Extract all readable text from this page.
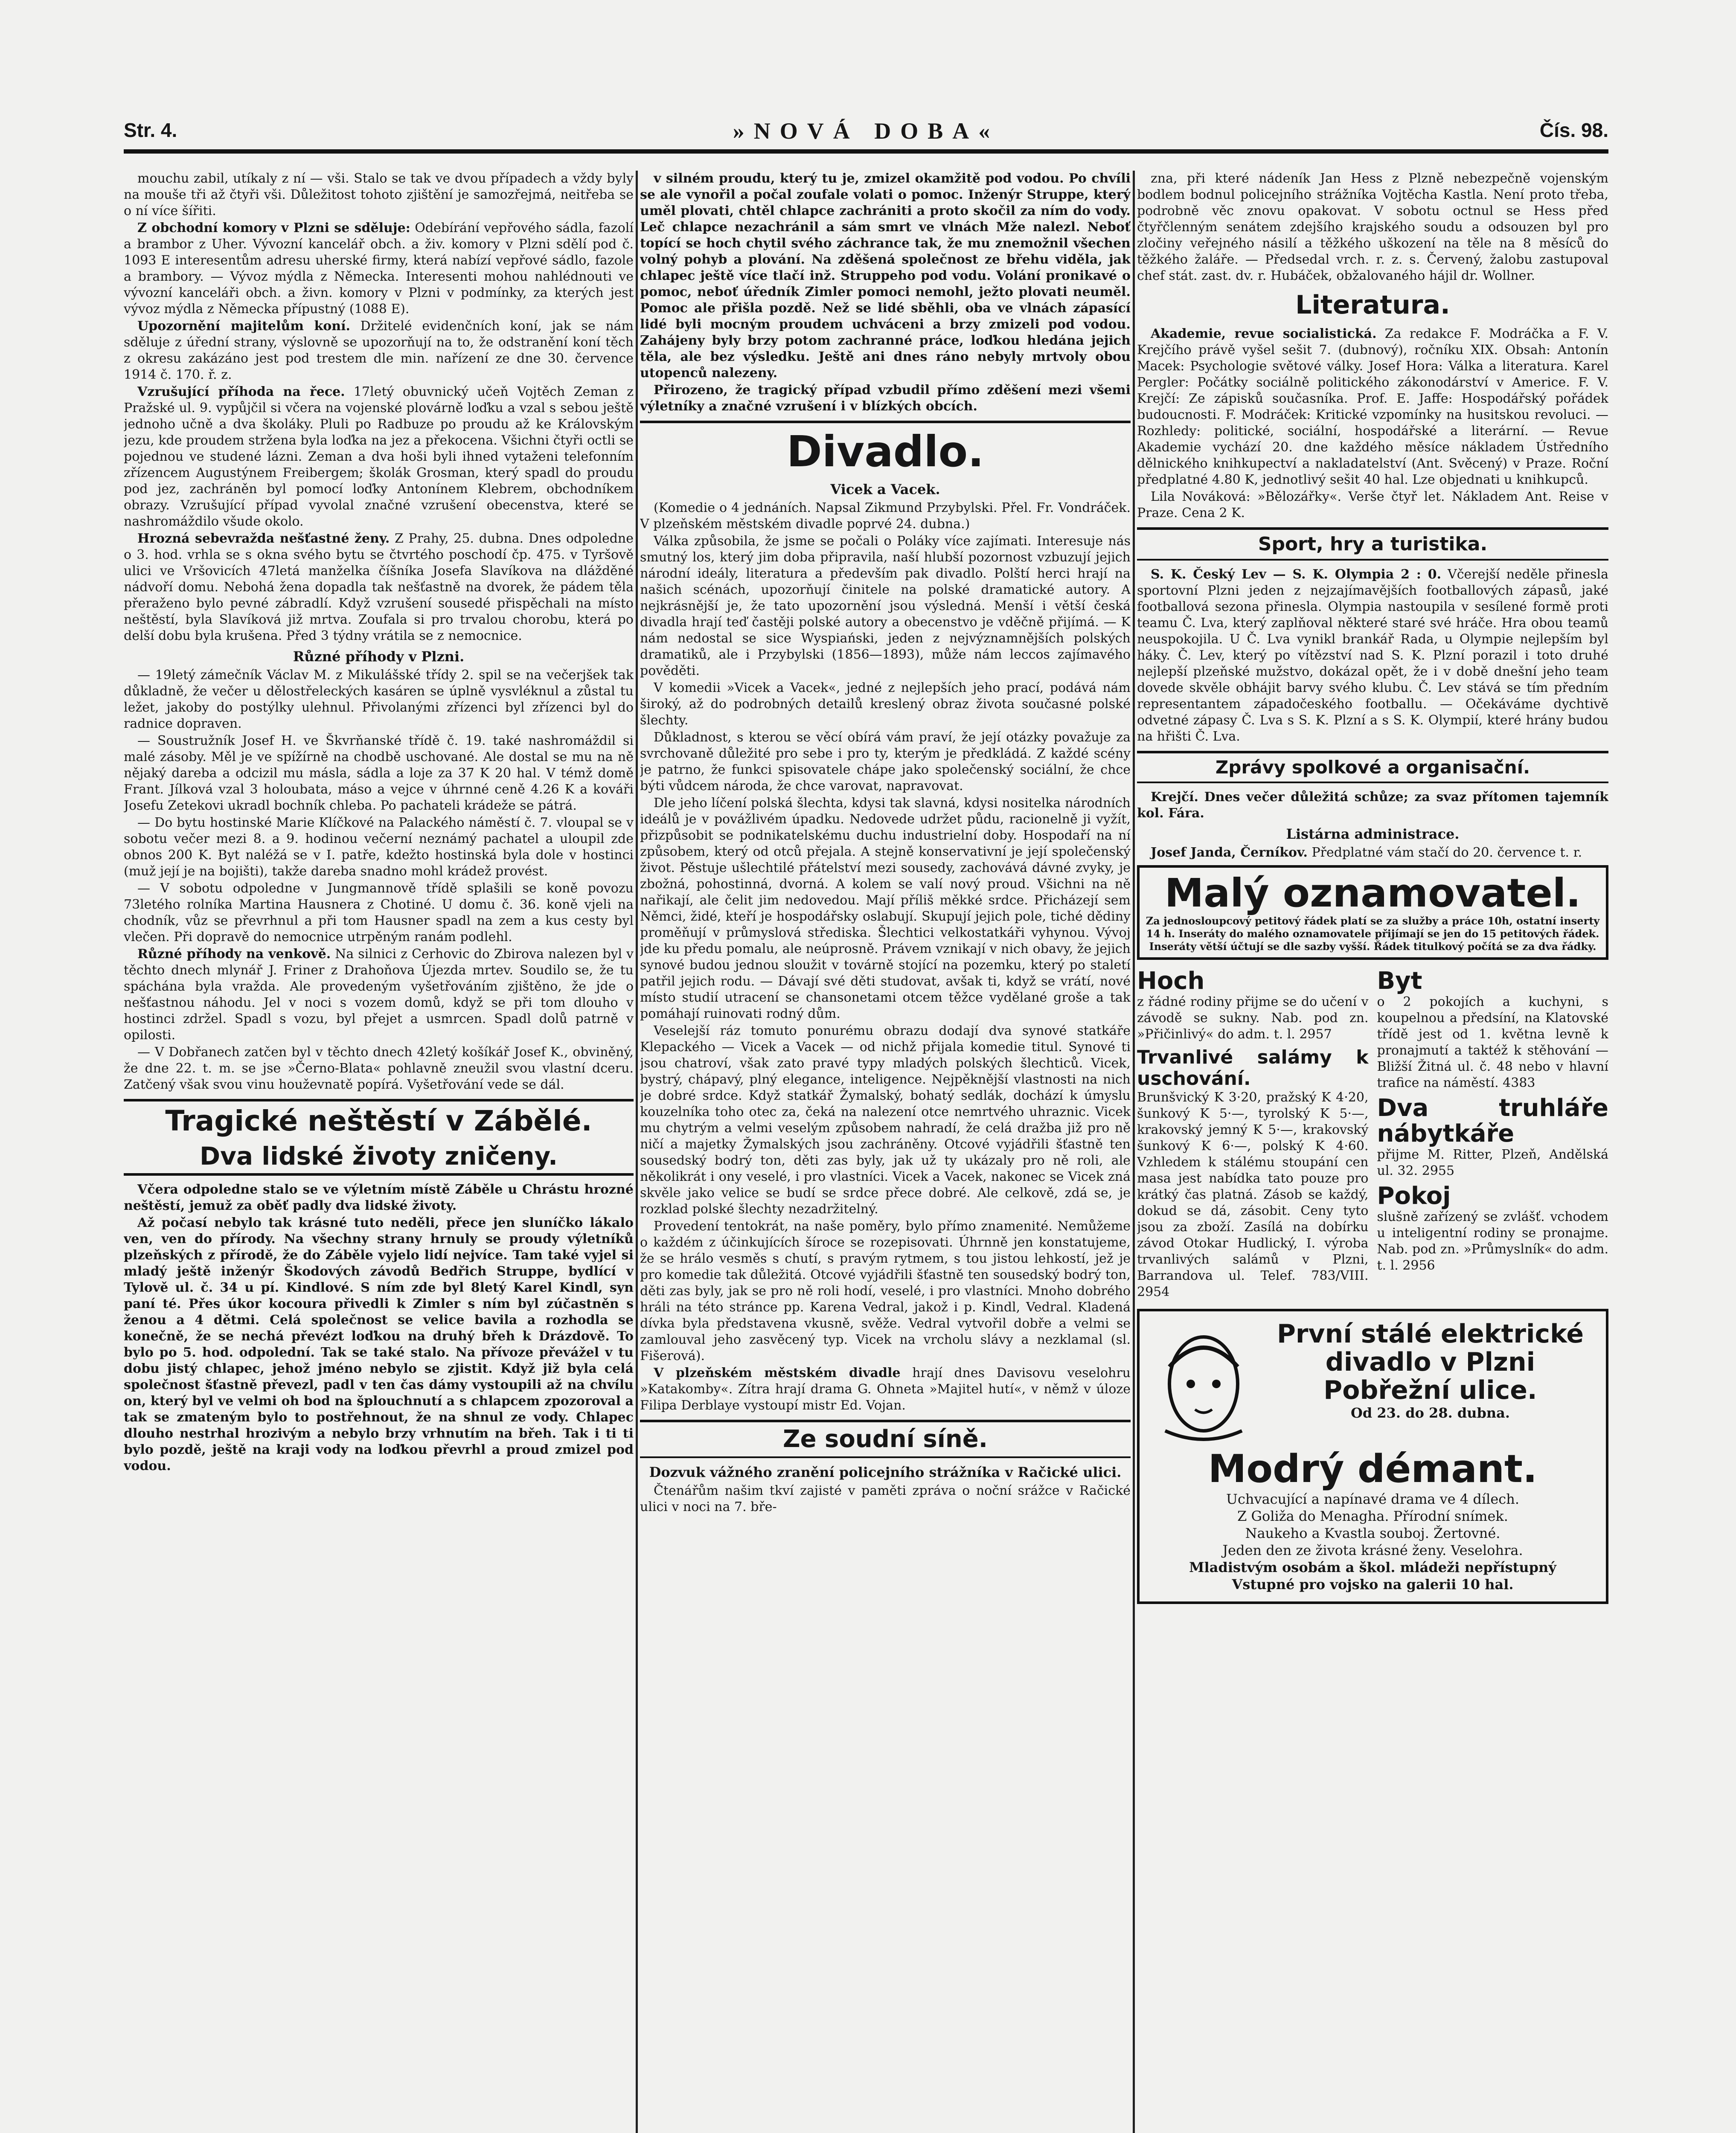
Str. 4.	»NOVÁ DOBA«	Čís. 98.

mouchu zabil, utíkaly z ní — vši. Stalo se tak ve dvou případech a vždy byly na mouše tři až čtyři vši. Důležitost tohoto zjištění je samozřejmá, neitřeba se o ní více šířiti.

Z obchodní komory v Plzni se sděluje: Odebírání vepřového sádla, fazolí a brambor z Uher. Vývozní kancelář obch. a živ. komory v Plzni sdělí pod č. 1093 E interesentům adresu uherské firmy, která nabízí vepřové sádlo, fazole a brambory. — Vývoz mýdla z Německa. Interesenti mohou nahlédnouti ve vývozní kanceláři obch. a živn. komory v Plzni v podmínky, za kterých jest vývoz mýdla z Německa přípustný (1088 E).

Upozornění majitelům koní. Držitelé evidenčních koní, jak se nám sděluje z úřední strany, výslovně se upozorňují na to, že odstranění koní těch z okresu zakázáno jest pod trestem dle min. nařízení ze dne 30. července 1914 č. 170. ř. z.

Vzrušující příhoda na řece. 17letý obuvnický učeň Vojtěch Zeman z Pražské ul. 9. vypůjčil si včera na vojenské plovárně loďku a vzal s sebou ještě jednoho učně a dva školáky. Pluli po Radbuze po proudu až ke Královským jezu, kde proudem stržena byla loďka na jez a překocena. Všichni čtyři octli se pojednou ve studené lázni. Zeman a dva hoši byli ihned vytaženi telefonním zřízencem Augustýnem Freibergem; školák Grosman, který spadl do proudu pod jez, zachráněn byl pomocí loďky Antonínem Klebrem, obchodníkem obrazy. Vzrušující případ vyvolal značné vzrušení obecenstva, které se nashromáždilo všude okolo.

Hrozná sebevražda nešťastné ženy. Z Prahy, 25. dubna. Dnes odpoledne o 3. hod. vrhla se s okna svého bytu se čtvrtého poschodí čp. 475. v Tyršově ulici ve Vršovicích 47letá manželka číšníka Josefa Slavíkova na dlážděné nádvoří domu. Nebohá žena dopadla tak nešťastně na dvorek, že pádem těla přeraženo bylo pevné zábradlí. Když vzrušení sousedé přispěchali na místo neštěstí, byla Slavíková již mrtva. Zoufala si pro trvalou chorobu, která po delší dobu byla krušena. Před 3 týdny vrátila se z nemocnice.

Různé příhody v Plzni.

— 19letý zámečník Václav M. z Mikulášské třídy 2. spil se na večerjšek tak důkladně, že večer u dělostřeleckých kasáren se úplně vysvléknul a zůstal tu ležet, jakoby do postýlky ulehnul. Přivolanými zřízenci byl zřízenci byl do radnice dopraven.

— Soustružník Josef H. ve Škvrňanské třídě č. 19. také nashromáždil si malé zásoby. Měl je ve spížírně na chodbě uschované. Ale dostal se mu na ně nějaký dareba a odcizil mu másla, sádla a loje za 37 K 20 hal. V témž domě Frant. Jílková vzal 3 holoubata, máso a vejce v úhrnné ceně 4.26 K a kováři Josefu Zetekovi ukradl bochník chleba. Po pachateli krádeže se pátrá.

— Do bytu hostinské Marie Klíčkové na Palackého náměstí č. 7. vloupal se v sobotu večer mezi 8. a 9. hodinou večerní neznámý pachatel a uloupil zde obnos 200 K. Byt naléžá se v I. patře, kdežto hostinská byla dole v hostinci (muž její je na bojišti), takže dareba snadno mohl krádež provést.

— V sobotu odpoledne v Jungmannově třídě splašili se koně povozu 73letého rolníka Martina Hausnera z Chotiné. U domu č. 36. koně vjeli na chodník, vůz se převrhnul a při tom Hausner spadl na zem a kus cesty byl vlečen. Při dopravě do nemocnice utrpěným ranám podlehl.

Různé příhody na venkově. Na silnici z Cerhovic do Zbirova nalezen byl v těchto dnech mlynář J. Friner z Drahoňova Újezda mrtev. Soudilo se, že tu spáchána byla vražda. Ale provedeným vyšetřováním zjištěno, že jde o nešťastnou náhodu. Jel v noci s vozem domů, když se při tom dlouho v hostinci zdržel. Spadl s vozu, byl přejet a usmrcen. Spadl dolů patrně v opilosti.

— V Dobřanech zatčen byl v těchto dnech 42letý košíkář Josef K., obviněný, že dne 22. t. m. se jse »Černo-Blata« pohlavně zneužil svou vlastní dceru. Zatčený však svou vinu houževnatě popírá. Vyšetřování vede se dál.

Tragické neštěstí v Zábělé.
Dva lidské životy zničeny.

Včera odpoledne stalo se ve výletním místě Záběle u Chrástu hrozné neštěstí, jemuž za oběť padly dva lidské životy.

Až počasí nebylo tak krásné tuto neděli, přece jen sluníčko lákalo ven, ven do přírody. Na všechny strany hrnuly se proudy výletníků plzeňských z přírodě, že do Záběle vyjelo lidí nejvíce. Tam také vyjel si mladý ještě inženýr Škodových závodů Bedřich Struppe, bydlící v Tylově ul. č. 34 u pí. Kindlové. S ním zde byl 8letý Karel Kindl, syn paní té. Přes úkor kocoura přivedli k Zimler s ním byl zúčastněn s ženou a 4 dětmi. Celá společnost se velice bavila a rozhodla se konečně, že se nechá převézt loďkou na druhý břeh k Drázdově. To bylo po 5. hod. odpolední. Tak se také stalo. Na přívoze převážel v tu dobu jistý chlapec, jehož jméno nebylo se zjistit. Když již byla celá společnost šťastně převezl, padl v ten čas dámy vystoupili až na chvílu on, který byl ve velmi oh bod na šplouchnutí a s chlapcem zpozoroval a tak se zmateným bylo to postřehnout, že na shnul ze vody. Chlapec dlouho nestrhal hrozivým a nebylo brzy vrhnutím na břeh. Tak i ti ti bylo pozdě, ještě na kraji vody na loďkou převrhl a proud zmizel pod vodou.

v silném proudu, který tu je, zmizel okamžitě pod vodou. Po chvíli se ale vynořil a počal zoufale volati o pomoc. Inženýr Struppe, který uměl plovati, chtěl chlapce zachrániti a proto skočil za ním do vody. Leč chlapce nezachránil a sám smrt ve vlnách Mže nalezl. Neboť topící se hoch chytil svého záchrance tak, že mu znemožnil všechen volný pohyb a plování. Na zděšená společnost ze břehu viděla, jak chlapec ještě více tlačí inž. Struppeho pod vodu. Volání pronikavé o pomoc, neboť úředník Zimler pomoci nemohl, ježto plovati neuměl. Pomoc ale přišla pozdě. Než se lidé sběhli, oba ve vlnách zápasící lidé byli mocným proudem uchváceni a brzy zmizeli pod vodou. Zahájeny byly brzy potom zachranné práce, loďkou hledána jejich těla, ale bez výsledku. Ještě ani dnes ráno nebyly mrtvoly obou utopenců nalezeny.

Přirozeno, že tragický případ vzbudil přímo zděšení mezi všemi výletníky a značné vzrušení i v blízkých obcích.

Divadlo.
Vicek a Vacek.

(Komedie o 4 jednáních. Napsal Zikmund Przybylski. Přel. Fr. Vondráček. V plzeňském městském divadle poprvé 24. dubna.)

Válka způsobila, že jsme se počali o Poláky více zajímati. Interesuje nás smutný los, který jim doba připravila, naší hlubší pozornost vzbuzují jejich národní ideály, literatura a především pak divadlo. Polští herci hrají na našich scénách, upozorňují činitele na polské dramatické autory. A nejkrásnější je, že tato upozornění jsou výsledná. Menší i větší česká divadla hrají teď častěji polské autory a obecenstvo je vděčně přijímá. — K nám nedostal se sice Wyspiański, jeden z nejvýznamnějších polských dramatiků, ale i Przybylski (1856—1893), může nám leccos zajímavého pověděti.

V komedii »Vicek a Vacek«, jedné z nejlepších jeho prací, podává nám široký, až do podrobných detailů kreslený obraz života současné polské šlechty.

Důkladnost, s kterou se věcí obírá vám praví, že její otázky považuje za svrchovaně důležité pro sebe i pro ty, kterým je předkládá. Z každé scény je patrno, že funkci spisovatele chápe jako společenský sociální, že chce býti vůdcem národa, že chce varovat, napravovat.

Dle jeho líčení polská šlechta, kdysi tak slavná, kdysi nositelka národních ideálů je v povážlivém úpadku. Nedovede udržet půdu, racionelně ji vyžít, přizpůsobit se podnikatelskému duchu industrielní doby. Hospodaří na ní způsobem, který od otců přejala. A stejně konservativní je její společenský život. Pěstuje ušlechtilé přátelství mezi sousedy, zachovává dávné zvyky, je zbožná, pohostinná, dvorná. A kolem se valí nový proud. Všichni na ně nařikají, ale čelit jim nedovedou. Mají příliš měkké srdce. Přicházejí sem Němci, židé, kteří je hospodářsky oslabují. Skupují jejich pole, tiché dědiny proměňují v průmyslová střediska. Šlechtici velkostatkáři vyhynou. Vývoj jde ku předu pomalu, ale neúprosně. Právem vznikají v nich obavy, že jejich synové budou jednou sloužit v továrně stojící na pozemku, který po staletí patřil jejich rodu. — Dávají své děti studovat, avšak ti, když se vrátí, nové místo studií utracení se chansonetami otcem těžce vydělané groše a tak pomáhají ruinovati rodný dům.

Veselejší ráz tomuto ponurému obrazu dodají dva synové statkáře Klepackého — Vicek a Vacek — od nichž přijala komedie titul. Synové ti jsou chatroví, však zato pravé typy mladých polských šlechticů. Vicek, bystrý, chápavý, plný elegance, inteligence. Nejpěknější vlastnosti na nich je dobré srdce. Když statkář Žymalský, bohatý sedlák, dochází k úmyslu kouzelníka toho otec za, čeká na nalezení otce nemrtvého uhraznic. Vicek mu chytrým a velmi veselým způsobem nahradí, že celá dražba již pro ně ničí a majetky Žymalských jsou zachráněny. Otcové vyjádřili šťastně ten sousedský bodrý ton, děti zas byly, jak už ty ukázaly pro ně roli, ale několikrát i ony veselé, i pro vlastníci. Vicek a Vacek, nakonec se Vicek zná skvěle jako velice se budí se srdce přece dobré. Ale celkově, zdá se, je rozklad polské šlechty nezadržitelný.

Provedení tentokrát, na naše poměry, bylo přímo znamenité. Nemůžeme o každém z účinkujících šíroce se rozepisovati. Úhrnně jen konstatujeme, že se hrálo vesměs s chutí, s pravým rytmem, s tou jistou lehkostí, jež je pro komedie tak důležitá. Otcové vyjádřili šťastně ten sousedský bodrý ton, děti zas byly, jak se pro ně roli hodí, veselé, i pro vlastníci. Mnoho dobrého hráli na této stránce pp. Karena Vedral, jakož i p. Kindl, Vedral. Kladená dívka byla představena vkusně, svěže. Vedral vytvořil dobře a velmi se zamlouval jeho zasvěcený typ. Vicek na vrcholu slávy a nezklamal (sl. Fišerová).

V plzeňském městském divadle hrají dnes Davisovu veselohru »Katakomby«. Zítra hrají drama G. Ohneta »Majitel hutí«, v němž v úloze Filipa Derblaye vystoupí mistr Ed. Vojan.

Ze soudní síně.
Dozvuk vážného zranění policejního strážníka v Račické ulici.

Čtenářům našim tkví zajisté v paměti zpráva o noční srážce v Račické ulici v noci na 7. bře-

zna, při které nádeník Jan Hess z Plzně nebezpečně vojenským bodlem bodnul policejního strážníka Vojtěcha Kastla. Není proto třeba, podrobně věc znovu opakovat. V sobotu octnul se Hess před čtyřčlenným senátem zdejšího krajského soudu a odsouzen byl pro zločiny veřejného násilí a těžkého uškození na těle na 8 měsíců do těžkého žaláře. — Předsedal vrch. r. z. s. Červený, žalobu zastupoval chef stát. zast. dv. r. Hubáček, obžalovaného hájil dr. Wollner.

Literatura.

Akademie, revue socialistická. Za redakce F. Modráčka a F. V. Krejčího právě vyšel sešit 7. (dubnový), ročníku XIX. Obsah: Antonín Macek: Psychologie světové války. Josef Hora: Válka a literatura. Karel Pergler: Počátky sociálně politického zákonodárství v Americe. F. V. Krejčí: Ze zápisků současníka. Prof. E. Jaffe: Hospodářský pořádek budoucnosti. F. Modráček: Kritické vzpomínky na husitskou revoluci. — Rozhledy: politické, sociální, hospodářské a literární. — Revue Akademie vychází 20. dne každého měsíce nákladem Ústředního dělnického knihkupectví a nakladatelství (Ant. Svěcený) v Praze. Roční předplatné 4.80 K, jednotlivý sešit 40 hal. Lze objednati u knihkupců.

Lila Nováková: »Bělozářky«. Verše čtyř let. Nákladem Ant. Reise v Praze. Cena 2 K.

Sport, hry a turistika.

S. K. Český Lev — S. K. Olympia 2 : 0. Včerejší neděle přinesla sportovní Plzni jeden z nejzajímavějších footballových zápasů, jaké footballová sezona přinesla. Olympia nastoupila v sesílené formě proti teamu Č. Lva, který zaplňoval některé staré své hráče. Hra obou teamů neuspokojila. U Č. Lva vynikl brankář Rada, u Olympie nejlepším byl háky. Č. Lev, který po vítězství nad S. K. Plzní porazil i toto druhé nejlepší plzeňské mužstvo, dokázal opět, že i v době dnešní jeho team dovede skvěle obhájit barvy svého klubu. Č. Lev stává se tím předním representantem západočeského footballu. — Očekáváme dychtivě odvetné zápasy Č. Lva s S. K. Plzní a s S. K. Olympií, které hrány budou na hřišti Č. Lva.

Zprávy spolkové a organisační.

Krejčí. Dnes večer důležitá schůze; za svaz přítomen tajemník kol. Fára.

Listárna administrace.

Josef Janda, Černíkov. Předplatné vám stačí do 20. července t. r.

Malý oznamovatel.
Za jednosloupcový petitový řádek platí se za služby a práce 10h, ostatní inserty 14 h. Inseráty do malého oznamovatele přijímají se jen do 15 petitových řádek. Inseráty větší účtují se dle sazby vyšší. Řádek titulkový počítá se za dva řádky.
Hoch
z řádné rodiny přijme se do učení v závodě se sukny. Nab. pod zn. »Přičinlivý« do adm. t. l. 2957
Trvanlivé salámy k uschování.
Brunšvický K 3·20, pražský K 4·20, šunkový K 5·—, tyrolský K 5·—, krakovský jemný K 5·—, krakovský šunkový K 6·—, polský K 4·60. Vzhledem k stálému stoupání cen masa jest nabídka tato pouze pro krátký čas platná. Zásob se každý, dokud se dá, zásobit. Ceny tyto jsou za zboží. Zasílá na dobírku závod Otokar Hudlický, I. výroba trvanlivých salámů v Plzni, Barrandova ul. Telef. 783/VIII. 2954
Byt
o 2 pokojích a kuchyni, s koupelnou a předsíní, na Klatovské třídě jest od 1. května levně k pronajmutí a taktéž k stěhování — Bližší Žitná ul. č. 48 nebo v hlavní trafice na náměstí. 4383
Dva truhláře nábytkáře
přijme M. Ritter, Plzeň, Andělská ul. 32. 2955
Pokoj
slušně zařízený se zvlášť. vchodem u inteligentní rodiny se pronajme. Nab. pod zn. »Průmyslník« do adm. t. l. 2956
První stálé elektrické divadlo v Plzni Pobřežní ulice.
Od 23. do 28. dubna.
Modrý démant.
Uchvacující a napínavé drama ve 4 dílech.
Z Goliža do Menagha. Přírodní snímek.
Naukeho a Kvastla souboj. Žertovné.
Jeden den ze života krásné ženy. Veselohra.
Mladistvým osobám a škol. mládeži nepřístupný
Vstupné pro vojsko na galerii 10 hal.
